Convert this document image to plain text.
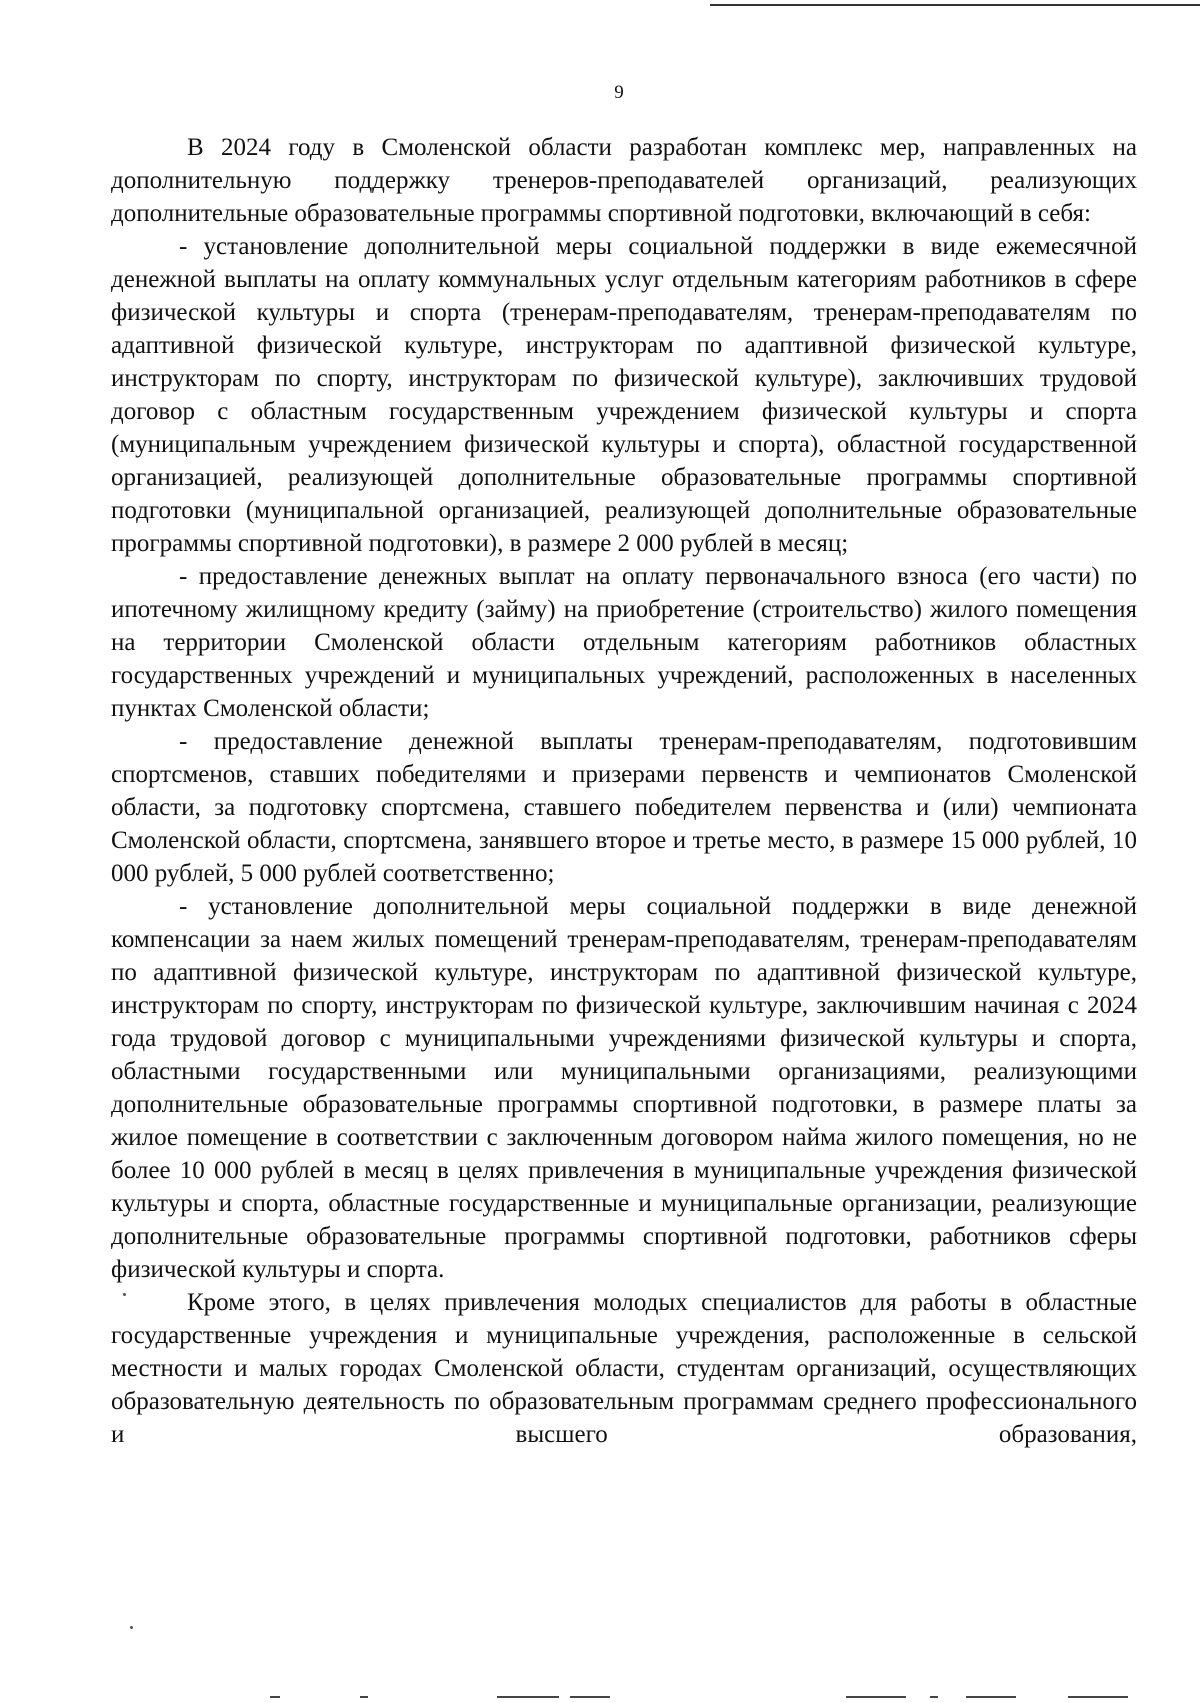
9

В 2024 году в Смоленской области разработан комплекс мер, направленных на дополнительную поддержку тренеров-преподавателей организаций, реализующих дополнительные образовательные программы спортивной подготовки, включающий в себя:

- установление дополнительной меры социальной поддержки в виде ежемесячной денежной выплаты на оплату коммунальных услуг отдельным категориям работников в сфере физической культуры и спорта (тренерам-преподавателям, тренерам-преподавателям по адаптивной физической культуре, инструкторам по адаптивной физической культуре, инструкторам по спорту, инструкторам по физической культуре), заключивших трудовой договор с областным государственным учреждением физической культуры и спорта (муниципальным учреждением физической культуры и спорта), областной государственной организацией, реализующей дополнительные образовательные программы спортивной подготовки (муниципальной организацией, реализующей дополнительные образовательные программы спортивной подготовки), в размере 2 000 рублей в месяц;

- предоставление денежных выплат на оплату первоначального взноса (его части) по ипотечному жилищному кредиту (займу) на приобретение (строительство) жилого помещения на территории Смоленской области отдельным категориям работников областных государственных учреждений и муниципальных учреждений, расположенных в населенных пунктах Смоленской области;

- предоставление денежной выплаты тренерам-преподавателям, подготовившим спортсменов, ставших победителями и призерами первенств и чемпионатов Смоленской области, за подготовку спортсмена, ставшего победителем первенства и (или) чемпионата Смоленской области, спортсмена, занявшего второе и третье место, в размере 15 000 рублей, 10 000 рублей, 5 000 рублей соответственно;

- установление дополнительной меры социальной поддержки в виде денежной компенсации за наем жилых помещений тренерам-преподавателям, тренерам-преподавателям по адаптивной физической культуре, инструкторам по адаптивной физической культуре, инструкторам по спорту, инструкторам по физической культуре, заключившим начиная с 2024 года трудовой договор с муниципальными учреждениями физической культуры и спорта, областными государственными или муниципальными организациями, реализующими дополнительные образовательные программы спортивной подготовки, в размере платы за жилое помещение в соответствии с заключенным договором найма жилого помещения, но не более 10 000 рублей в месяц в целях привлечения в муниципальные учреждения физической культуры и спорта, областные государственные и муниципальные организации, реализующие дополнительные образовательные программы спортивной подготовки, работников сферы физической культуры и спорта.

Кроме этого, в целях привлечения молодых специалистов для работы в областные государственные учреждения и муниципальные учреждения, расположенные в сельской местности и малых городах Смоленской области, студентам организаций, осуществляющих образовательную деятельность по образовательным программам среднего профессионального и высшего образования,
